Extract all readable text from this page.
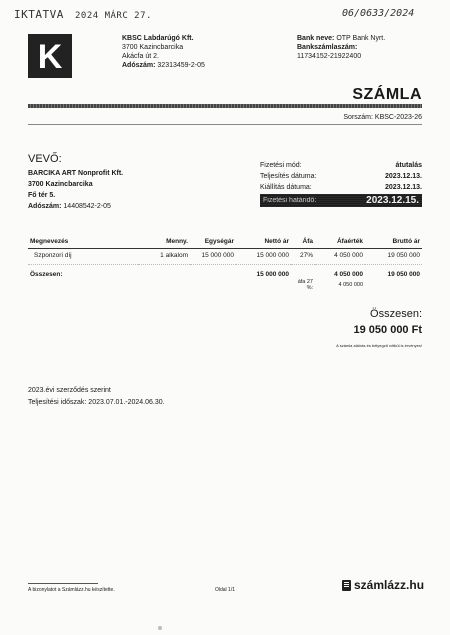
IKTATVA 2024 MÁRC 27.	06/0633/2024
K	KBSC Labdarúgó Kft.
3700 Kazincbarcika
Akácfa út 2.
Adószám: 32313459-2-05
Bank neve: OTP Bank Nyrt.
Bankszámlaszám:
11734152-21922400
SZÁMLA
Sorszám: KBSC-2023-26
VEVŐ:
BARCIKA ART Nonprofit Kft.
3700 Kazincbarcika
Fő tér 5.
Adószám: 14408542-2-05
Fizetési mód:	átutalás
Teljesítés dátuma:	2023.12.13.
Kiállítás dátuma:	2023.12.13.
Fizetési határidő:	2023.12.15.
Megnevezés	Menny.	Egységár	Nettó ár	Áfa	Áfaérték	Bruttó ár
Szponzori díj	1 alkalom	15 000 000	15 000 000	27%	4 050 000	19 050 000
Összesen:			15 000 000		4 050 000	19 050 000
				áfa 27 %:	4 050 000	
Összesen:
19 050 000 Ft
A számla aláírás és bélyegző nélkül is érvényes!
2023.évi szerződés szerint
Teljesítési időszak: 2023.07.01.-2024.06.30.
A bizonylatot a Számlázz.hu készítette.	Oldal 1/1	számlázz.hu
